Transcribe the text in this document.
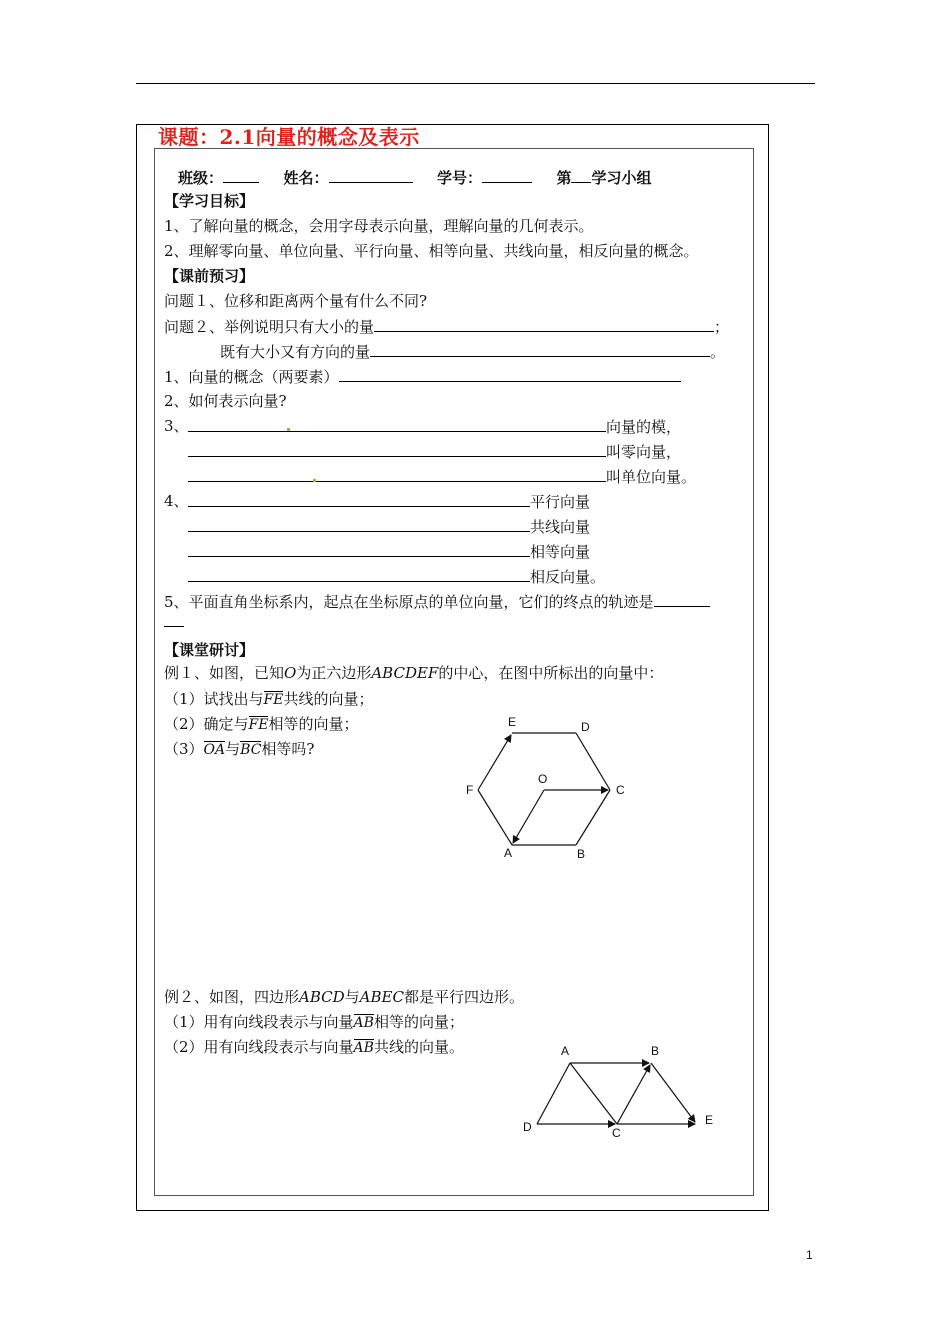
课题：2.1向量的概念及表示
班级：	姓名：	学号：	第 学习小组
【学习目标】
1、了解向量的概念，会用字母表示向量，理解向量的几何表示。
2、理解零向量、单位向量、平行向量、相等向量、共线向量，相反向量的概念。
【课前预习】
问题１、位移和距离两个量有什么不同?
问题２、举例说明只有大小的量	；
既有大小又有方向的量	。
1、向量的概念（两要素）
2、如何表示向量?
3、	向量的模，
叫零向量，
叫单位向量。
4、	平行向量
共线向量
相等向量
相反向量。
5、平面直角坐标系内，起点在坐标原点的单位向量，它们的终点的轨迹是
【课堂研讨】
例１、如图，已知O为正六边形ABCDEF的中心，在图中所标出的向量中：
（1）试找出与FE共线的向量；
（2）确定与FE相等的向量；
（3）OA与BC相等吗?
E	D
O
F	C
A	B
例２、如图，四边形ABCD与ABEC都是平行四边形。
（1）用有向线段表示与向量AB相等的向量；
（2）用有向线段表示与向量AB共线的向量。	A	B
D	C
E
1
